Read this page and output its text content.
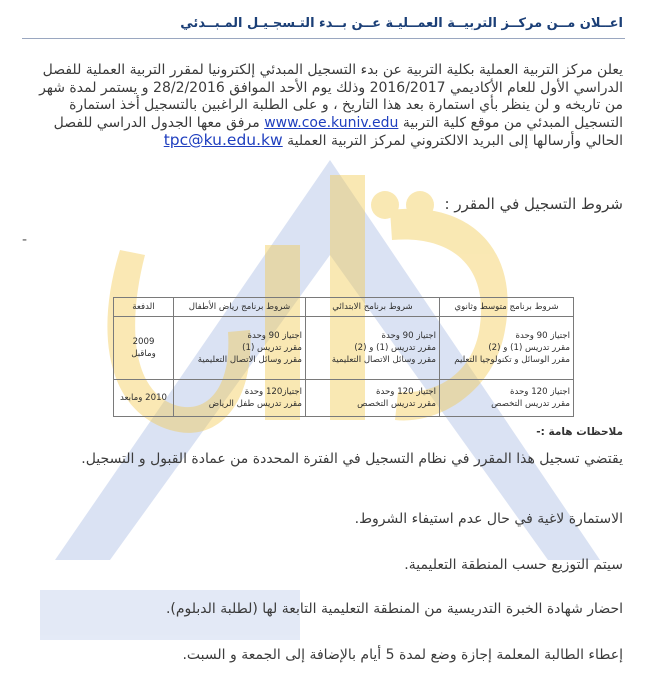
اعــلان مــن مركــز التربيــة العمــليـة عــن بــدء التـسجـيـل المـبــدئي

يعلن مركز التربية العملية بكلية التربية عن بدء التسجيل المبدئي إلكترونيا لمقرر التربية العملية للفصل الدراسي الأول للعام الأكاديمي 2016/2017 وذلك يوم الأحد الموافق 28/2/2016 و يستمر لمدة شهر من تاريخه و لن ينظر بأي استمارة بعد هذا التاريخ ، و على الطلبة الراغبين بالتسجيل أخذ استمارة التسجيل المبدئي من موقع كلية التربية www.coe.kuniv.edu مرفق معها الجدول الدراسي للفصل الحالي وأرسالها إلى البريد الالكتروني لمركز التربية العملية tpc@ku.edu.kw

شروط التسجيل في المقرر :
-
شروط برنامج متوسط وثانوي	شروط برنامج الابتدائي	شروط برنامج رياض الأطفال	الدفعة

اجتياز 90 وحدة
مقرر تدريس (1) و (2)
مقرر الوسائل و تكنولوجيا التعليم	اجتياز 90 وحدة
مقرر تدريس (1) و (2)
مقرر وسائل الاتصال التعليمية	اجتياز 90 وحدة
مقرر تدريس (1)
مقرر وسائل الاتصال التعليمية	2009
وماقبل

اجتياز 120 وحدة
مقرر تدريس التخصص	اجتياز 120 وحدة
مقرر تدريس التخصص	اجتياز120 وحدة
مقرر تدريس طفل الرياض	2010 ومابعد
ملاحظات هامة :-
يقتضي تسجيل هذا المقرر في نظام التسجيل في الفترة المحددة من عمادة القبول و التسجيل.
الاستمارة لاغية في حال عدم استيفاء الشروط.
سيتم التوزيع حسب المنطقة التعليمية.
احضار شهادة الخبرة التدريسية من المنطقة التعليمية التابعة لها (لطلبة الدبلوم).
إعطاء الطالبة المعلمة إجازة وضع لمدة 5 أيام بالإضافة إلى الجمعة و السبت.
